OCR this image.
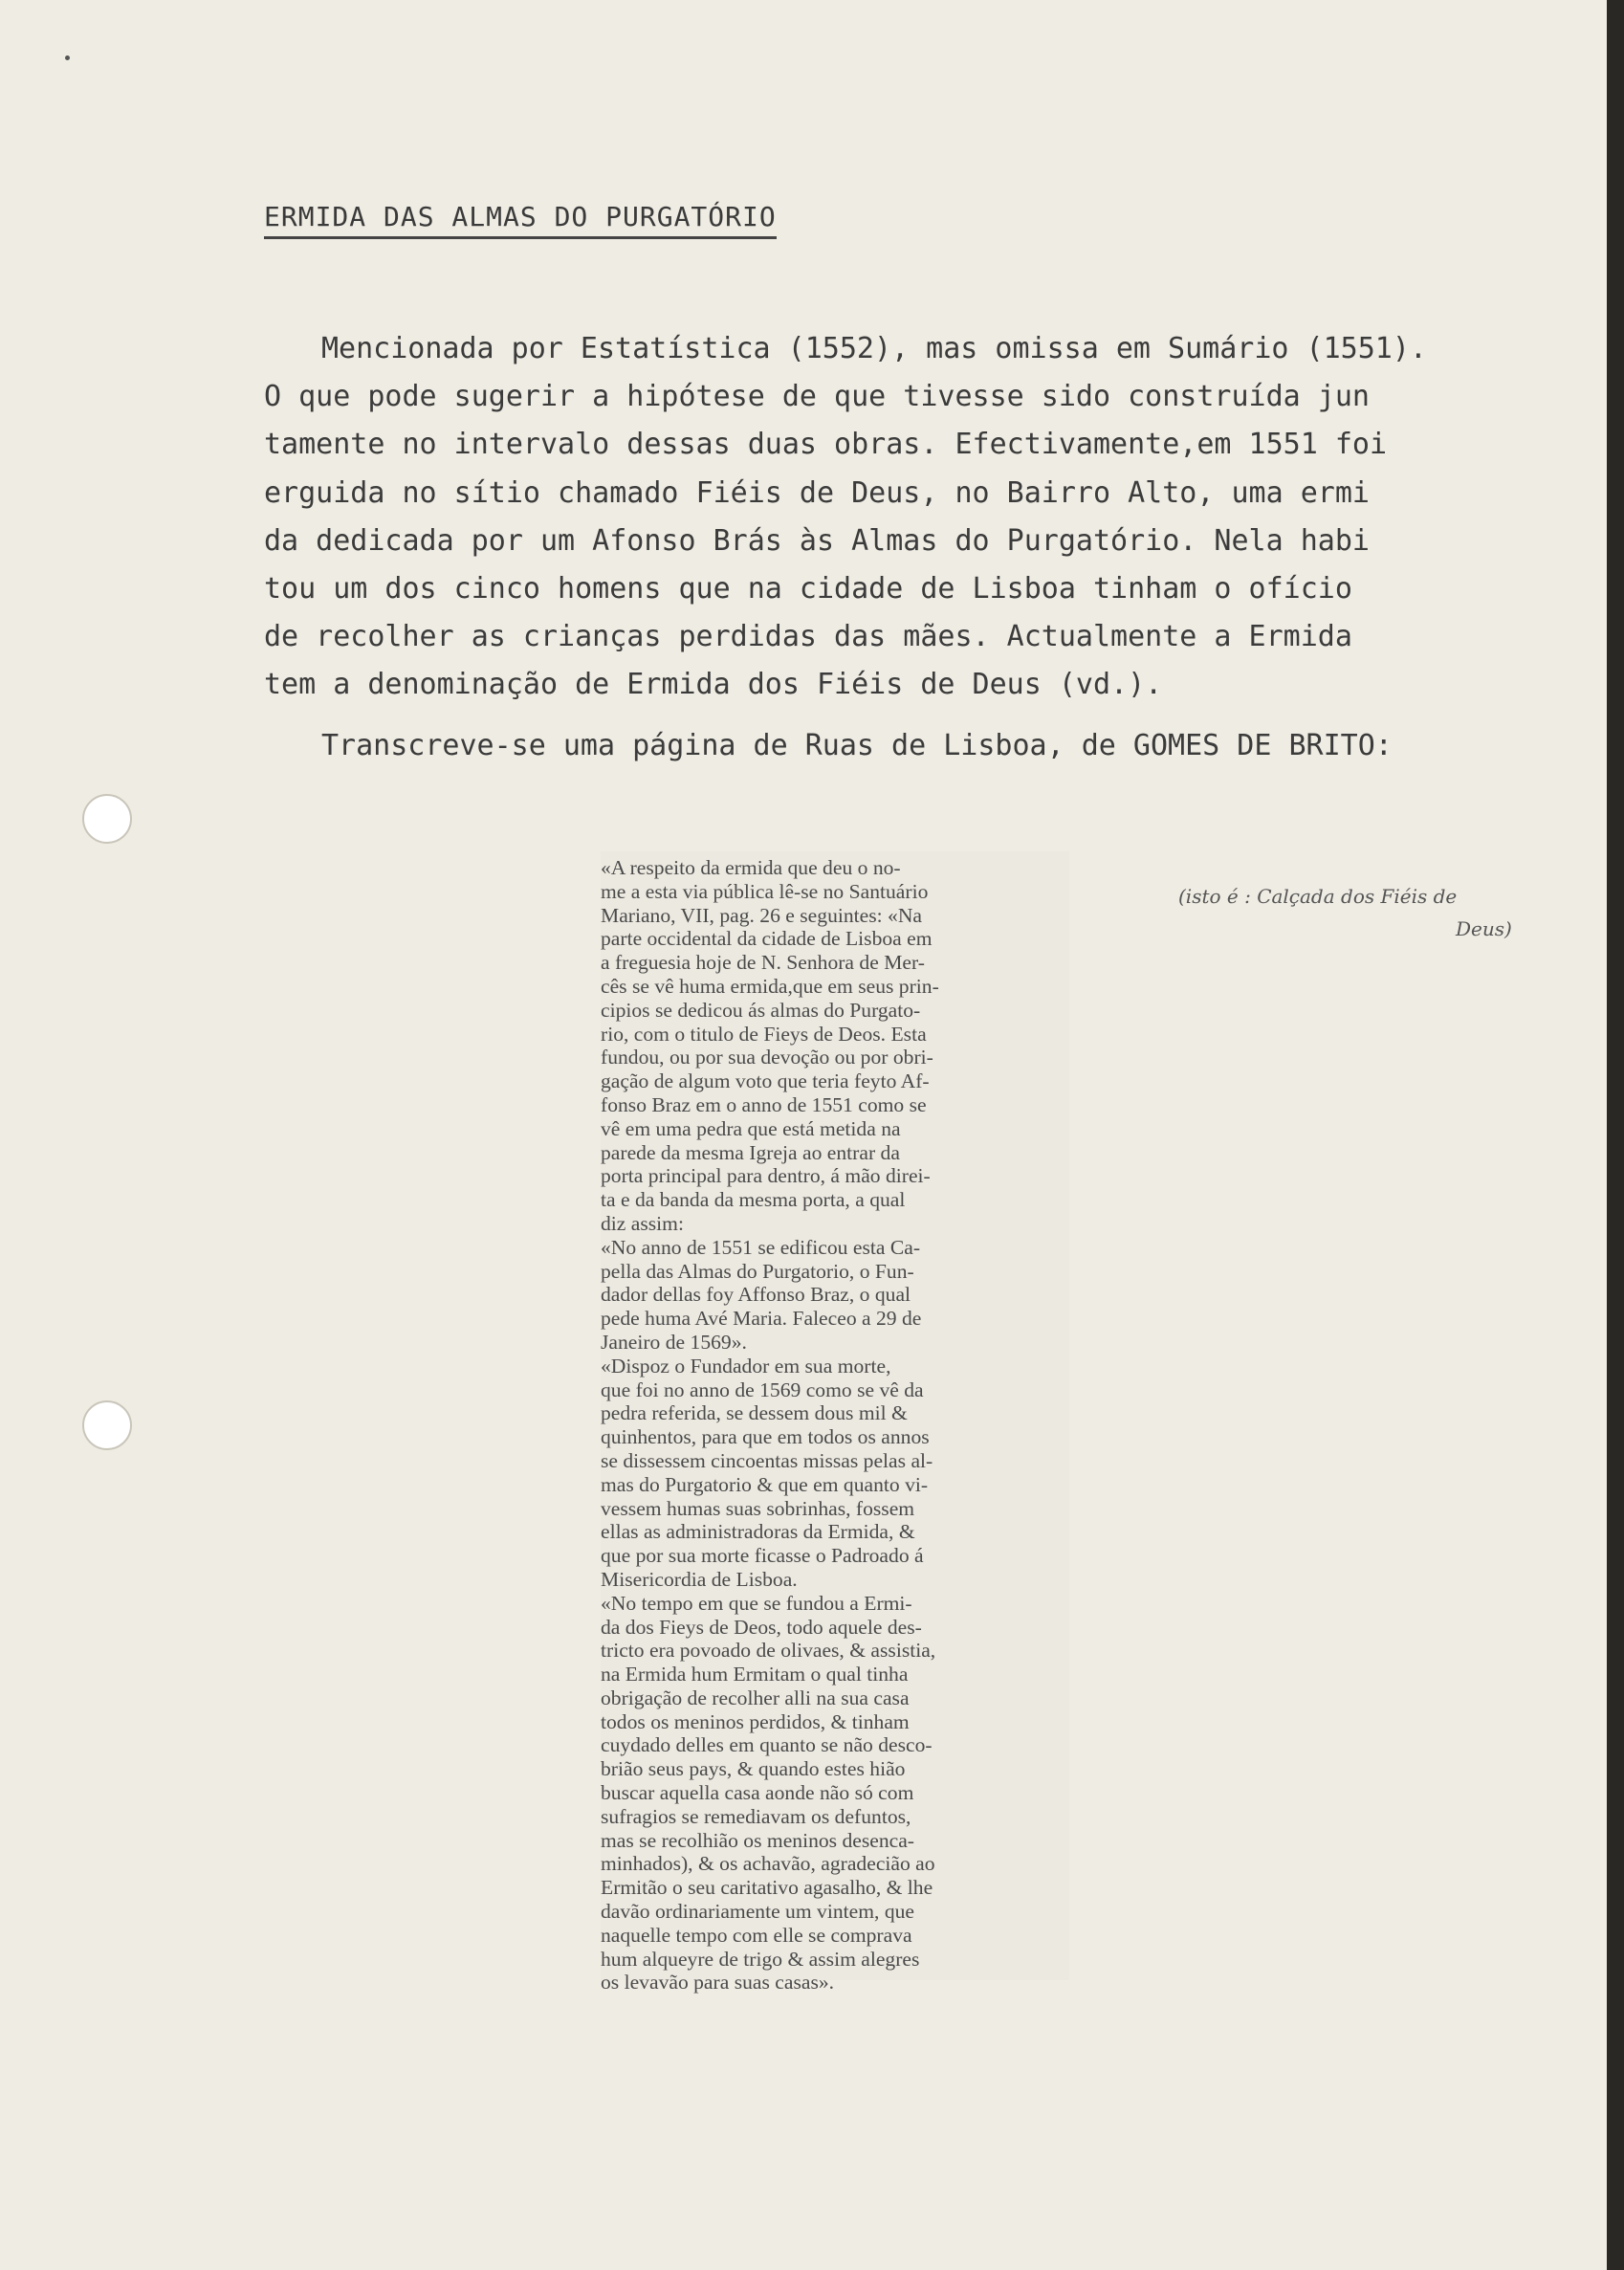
ERMIDA DAS ALMAS DO PURGATÓRIO
Mencionada por Estatística (1552), mas omissa em Sumário (1551).
O que pode sugerir a hipótese de que tivesse sido construída jun
tamente no intervalo dessas duas obras. Efectivamente,em 1551 foi
erguida no sítio chamado Fiéis de Deus, no Bairro Alto, uma ermi
da dedicada por um Afonso Brás às Almas do Purgatório. Nela habi
tou um dos cinco homens que na cidade de Lisboa tinham o ofício
de recolher as crianças perdidas das mães. Actualmente a Ermida
tem a denominação de Ermida dos Fiéis de Deus (vd.).
Transcreve-se uma página de Ruas de Lisboa, de GOMES DE BRITO:
«A respeito da ermida que deu o no-
me a esta via pública lê-se no Santuário
Mariano, VII, pag. 26 e seguintes: «Na
parte occidental da cidade de Lisboa em
a freguesia hoje de N. Senhora de Mer-
cês se vê huma ermida,que em seus prin-
cipios se dedicou ás almas do Purgato-
rio, com o titulo de Fieys de Deos. Esta
fundou, ou por sua devoção ou por obri-
gação de algum voto que teria feyto Af-
fonso Braz em o anno de 1551 como se
vê em uma pedra que está metida na
parede da mesma Igreja ao entrar da
porta principal para dentro, á mão direi-
ta e da banda da mesma porta, a qual
diz assim:
«No anno de 1551 se edificou esta Ca-
pella das Almas do Purgatorio, o Fun-
dador dellas foy Affonso Braz, o qual
pede huma Avé Maria. Faleceo a 29 de
Janeiro de 1569».
«Dispoz o Fundador em sua morte,
que foi no anno de 1569 como se vê da
pedra referida, se dessem dous mil &
quinhentos, para que em todos os annos
se dissessem cincoentas missas pelas al-
mas do Purgatorio & que em quanto vi-
vessem humas suas sobrinhas, fossem
ellas as administradoras da Ermida, &
que por sua morte ficasse o Padroado á
Misericordia de Lisboa.
«No tempo em que se fundou a Ermi-
da dos Fieys de Deos, todo aquele des-
tricto era povoado de olivaes, & assistia,
na Ermida hum Ermitam o qual tinha
obrigação de recolher alli na sua casa
todos os meninos perdidos, & tinham
cuydado delles em quanto se não desco-
brião seus pays, & quando estes hião
buscar aquella casa aonde não só com
sufragios se remediavam os defuntos,
mas se recolhião os meninos desenca-
minhados), & os achavão, agradecião ao
Ermitão o seu caritativo agasalho, & lhe
davão ordinariamente um vintem, que
naquelle tempo com elle se comprava
hum alqueyre de trigo & assim alegres
os levavão para suas casas».
(isto é : Calçada dos Fiéis de
Deus)
